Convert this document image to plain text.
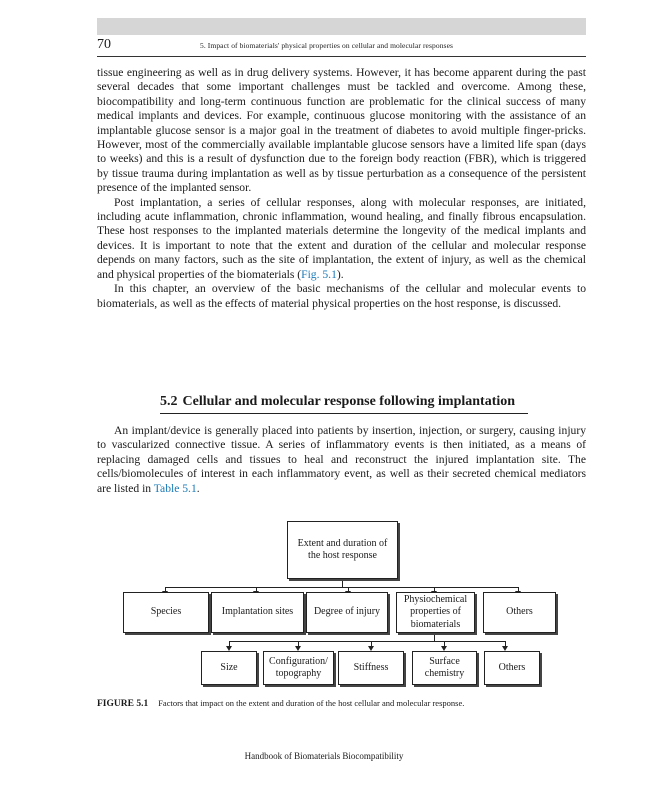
70	5. Impact of biomaterials' physical properties on cellular and molecular responses

tissue engineering as well as in drug delivery systems. However, it has become apparent during the past several decades that some important challenges must be tackled and overcome. Among these, biocompatibility and long-term continuous function are problematic for the clinical success of many medical implants and devices. For example, continuous glucose monitoring with the assistance of an implantable glucose sensor is a major goal in the treatment of diabetes to avoid multiple finger-pricks. However, most of the commercially available implantable glucose sensors have a limited life span (days to weeks) and this is a result of dysfunction due to the foreign body reaction (FBR), which is triggered by tissue trauma during implantation as well as by tissue perturbation as a consequence of the persistent presence of the implanted sensor.

Post implantation, a series of cellular responses, along with molecular responses, are initiated, including acute inflammation, chronic inflammation, wound healing, and finally fibrous encapsulation. These host responses to the implanted materials determine the longevity of the medical implants and devices. It is important to note that the extent and duration of the cellular and molecular response depends on many factors, such as the site of implantation, the extent of injury, as well as the chemical and physical properties of the biomaterials (Fig. 5.1).

In this chapter, an overview of the basic mechanisms of the cellular and molecular events to biomaterials, as well as the effects of material physical properties on the host response, is discussed.

5.2 Cellular and molecular response following implantation

An implant/device is generally placed into patients by insertion, injection, or surgery, causing injury to vascularized connective tissue. A series of inflammatory events is then initiated, as a means of replacing damaged cells and tissues to heal and reconstruct the injured implantation site. The cells/biomolecules of interest in each inflammatory event, as well as their secreted chemical mediators are listed in Table 5.1.

Extent and duration of the host response
Species	Implantation sites Degree of injury
Physiochemical properties of biomaterials
Others
Size
Configuration/ topography
Stiffness
Surface chemistry
Others
FIGURE 5.1 Factors that impact on the extent and duration of the host cellular and molecular response.
Handbook of Biomaterials Biocompatibility
